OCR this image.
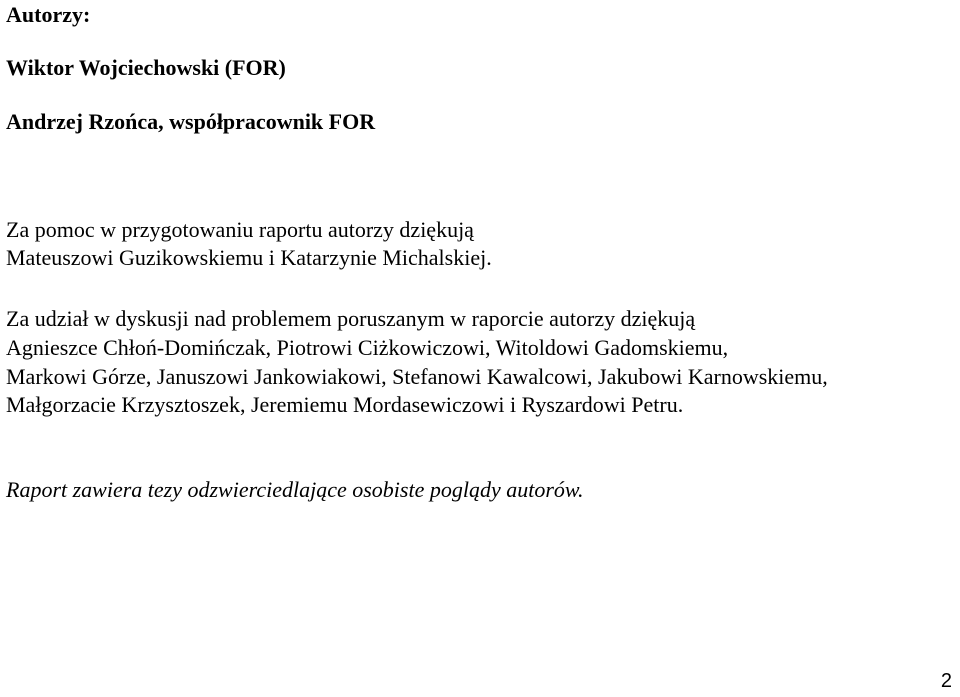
Autorzy:
Wiktor Wojciechowski (FOR)
Andrzej Rzońca, współpracownik FOR
Za pomoc w przygotowaniu raportu autorzy dziękują
Mateuszowi Guzikowskiemu i Katarzynie Michalskiej.
Za udział w dyskusji nad problemem poruszanym w raporcie autorzy dziękują
Agnieszce Chłoń-Domińczak, Piotrowi Ciżkowiczowi, Witoldowi Gadomskiemu,
Markowi Górze, Januszowi Jankowiakowi, Stefanowi Kawalcowi, Jakubowi Karnowskiemu,
Małgorzacie Krzysztoszek, Jeremiemu Mordasewiczowi i Ryszardowi Petru.
Raport zawiera tezy odzwierciedlające osobiste poglądy autorów.
2
